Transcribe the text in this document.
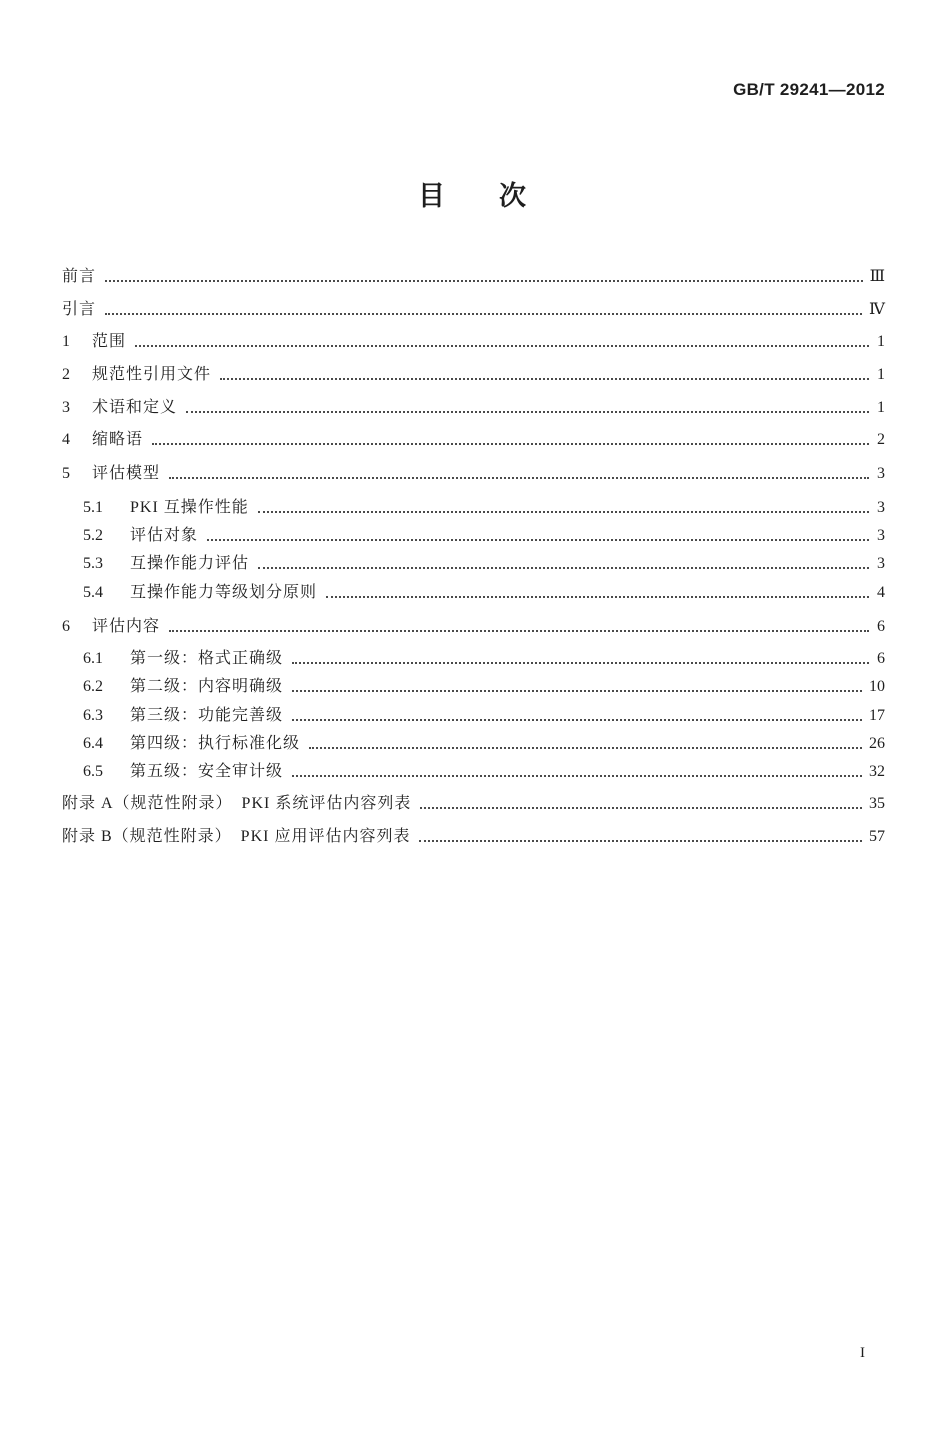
GB/T 29241—2012
目次
前言	Ⅲ
引言	Ⅳ
1	范围	1
2	规范性引用文件	1
3	术语和定义	1
4	缩略语	2
5	评估模型	3
5.1	PKI 互操作性能	3
5.2	评估对象	3
5.3	互操作能力评估	3
5.4	互操作能力等级划分原则	4
6	评估内容	6
6.1	第一级：格式正确级	6
6.2	第二级：内容明确级	10
6.3	第三级：功能完善级	17
6.4	第四级：执行标准化级	26
6.5	第五级：安全审计级	32
附录 A（规范性附录）　PKI 系统评估内容列表	35
附录 B（规范性附录）　PKI 应用评估内容列表	57
I
